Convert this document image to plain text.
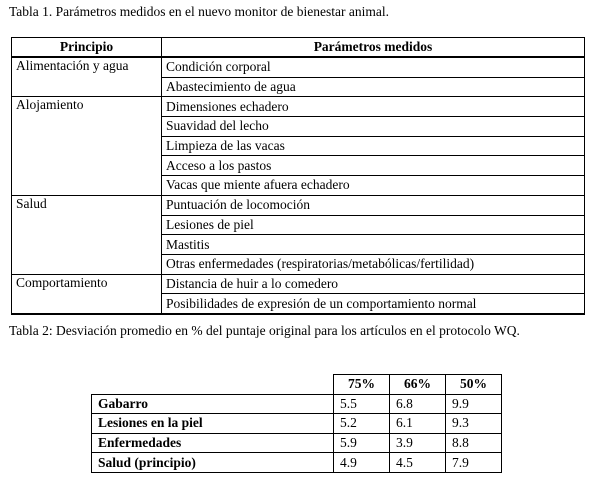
Tabla 1. Parámetros medidos en el nuevo monitor de bienestar animal.
Principio	Parámetros medidos
Alimentación y agua	Condición corporal
	Abastecimiento de agua
Alojamiento	Dimensiones echadero
	Suavidad del lecho
	Limpieza de las vacas
	Acceso a los pastos
	Vacas que miente afuera echadero
Salud	Puntuación de locomoción
	Lesiones de piel
	Mastitis
	Otras enfermedades (respiratorias/metabólicas/fertilidad)
Comportamiento	Distancia de huir a lo comedero
	Posibilidades de expresión de un comportamiento normal
Tabla 2: Desviación promedio en % del puntaje original para los artículos en el protocolo WQ.
	75%	66%	50%
Gabarro	5.5	6.8	9.9
Lesiones en la piel	5.2	6.1	9.3
Enfermedades	5.9	3.9	8.8
Salud (principio)	4.9	4.5	7.9
